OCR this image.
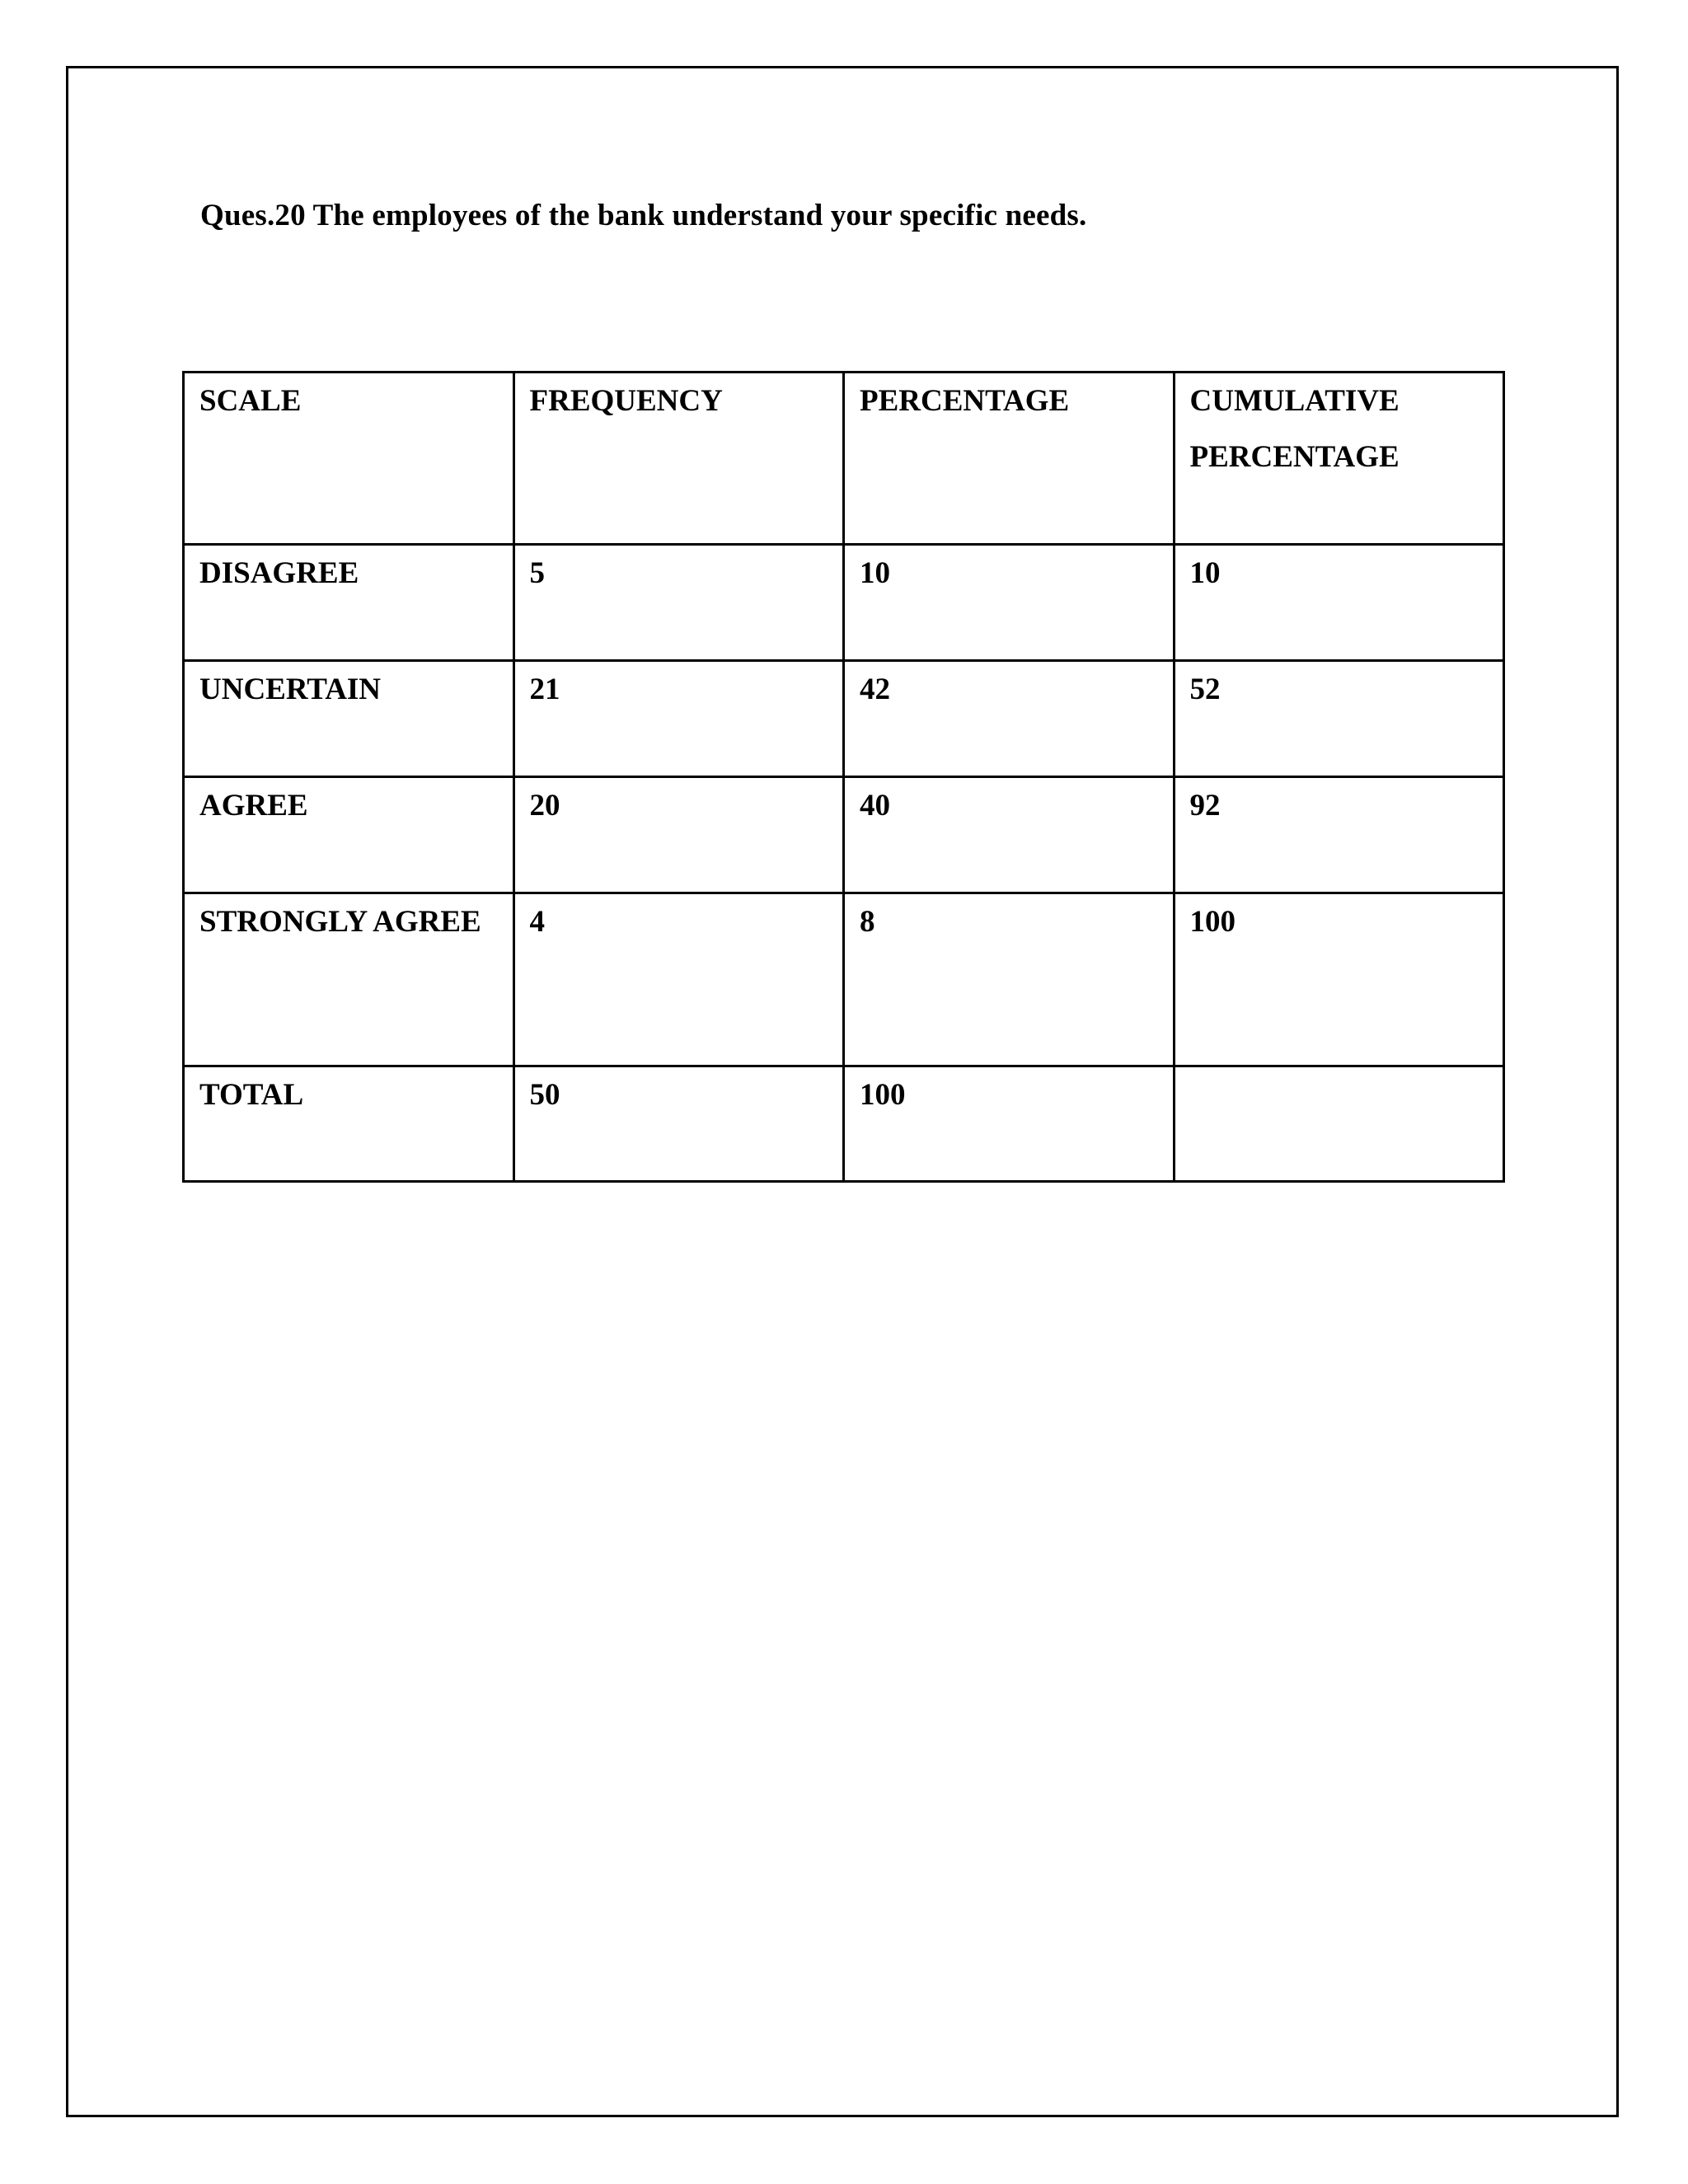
Ques.20 The employees of the bank understand your specific needs.
SCALE	FREQUENCY	PERCENTAGE	CUMULATIVE PERCENTAGE
DISAGREE	5	10	10
UNCERTAIN	21	42	52
AGREE	20	40	92
STRONGLY AGREE	4	8	100
TOTAL	50	100	
